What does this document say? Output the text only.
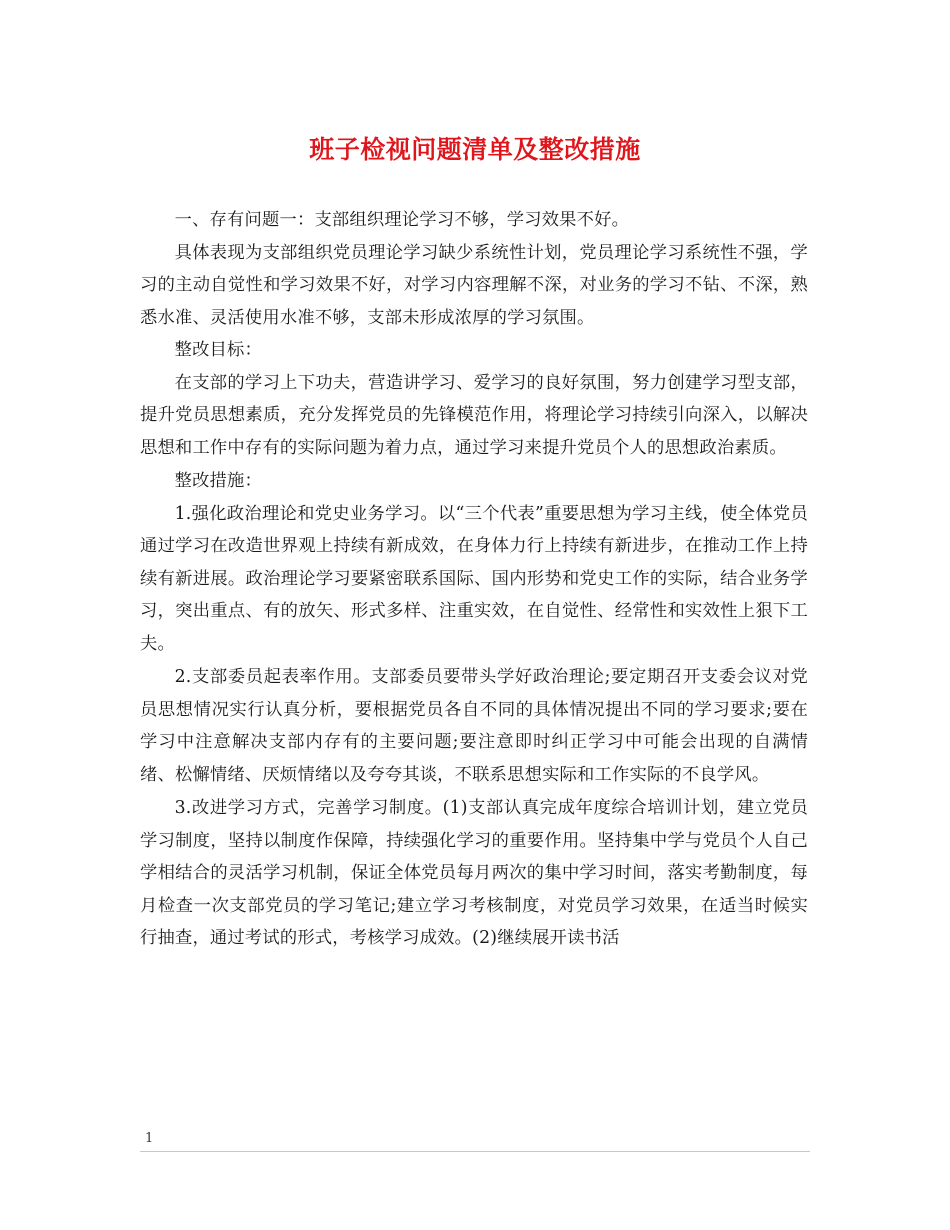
班子检视问题清单及整改措施

一、存有问题一：支部组织理论学习不够，学习效果不好。

具体表现为支部组织党员理论学习缺少系统性计划，党员理论学习系统性不强，学习的主动自觉性和学习效果不好，对学习内容理解不深，对业务的学习不钻、不深，熟悉水准、灵活使用水准不够，支部未形成浓厚的学习氛围。

整改目标：

在支部的学习上下功夫，营造讲学习、爱学习的良好氛围，努力创建学习型支部，提升党员思想素质，充分发挥党员的先锋模范作用，将理论学习持续引向深入，以解决思想和工作中存有的实际问题为着力点，通过学习来提升党员个人的思想政治素质。

整改措施：

1.强化政治理论和党史业务学习。以“三个代表”重要思想为学习主线，使全体党员通过学习在改造世界观上持续有新成效，在身体力行上持续有新进步，在推动工作上持续有新进展。政治理论学习要紧密联系国际、国内形势和党史工作的实际，结合业务学习，突出重点、有的放矢、形式多样、注重实效，在自觉性、经常性和实效性上狠下工夫。

2.支部委员起表率作用。支部委员要带头学好政治理论;要定期召开支委会议对党员思想情况实行认真分析，要根据党员各自不同的具体情况提出不同的学习要求;要在学习中注意解决支部内存有的主要问题;要注意即时纠正学习中可能会出现的自满情绪、松懈情绪、厌烦情绪以及夸夸其谈，不联系思想实际和工作实际的不良学风。

3.改进学习方式，完善学习制度。(1)支部认真完成年度综合培训计划，建立党员学习制度，坚持以制度作保障，持续强化学习的重要作用。坚持集中学与党员个人自己学相结合的灵活学习机制，保证全体党员每月两次的集中学习时间，落实考勤制度，每月检查一次支部党员的学习笔记;建立学习考核制度，对党员学习效果，在适当时候实行抽查，通过考试的形式，考核学习成效。(2)继续展开读书活

1
